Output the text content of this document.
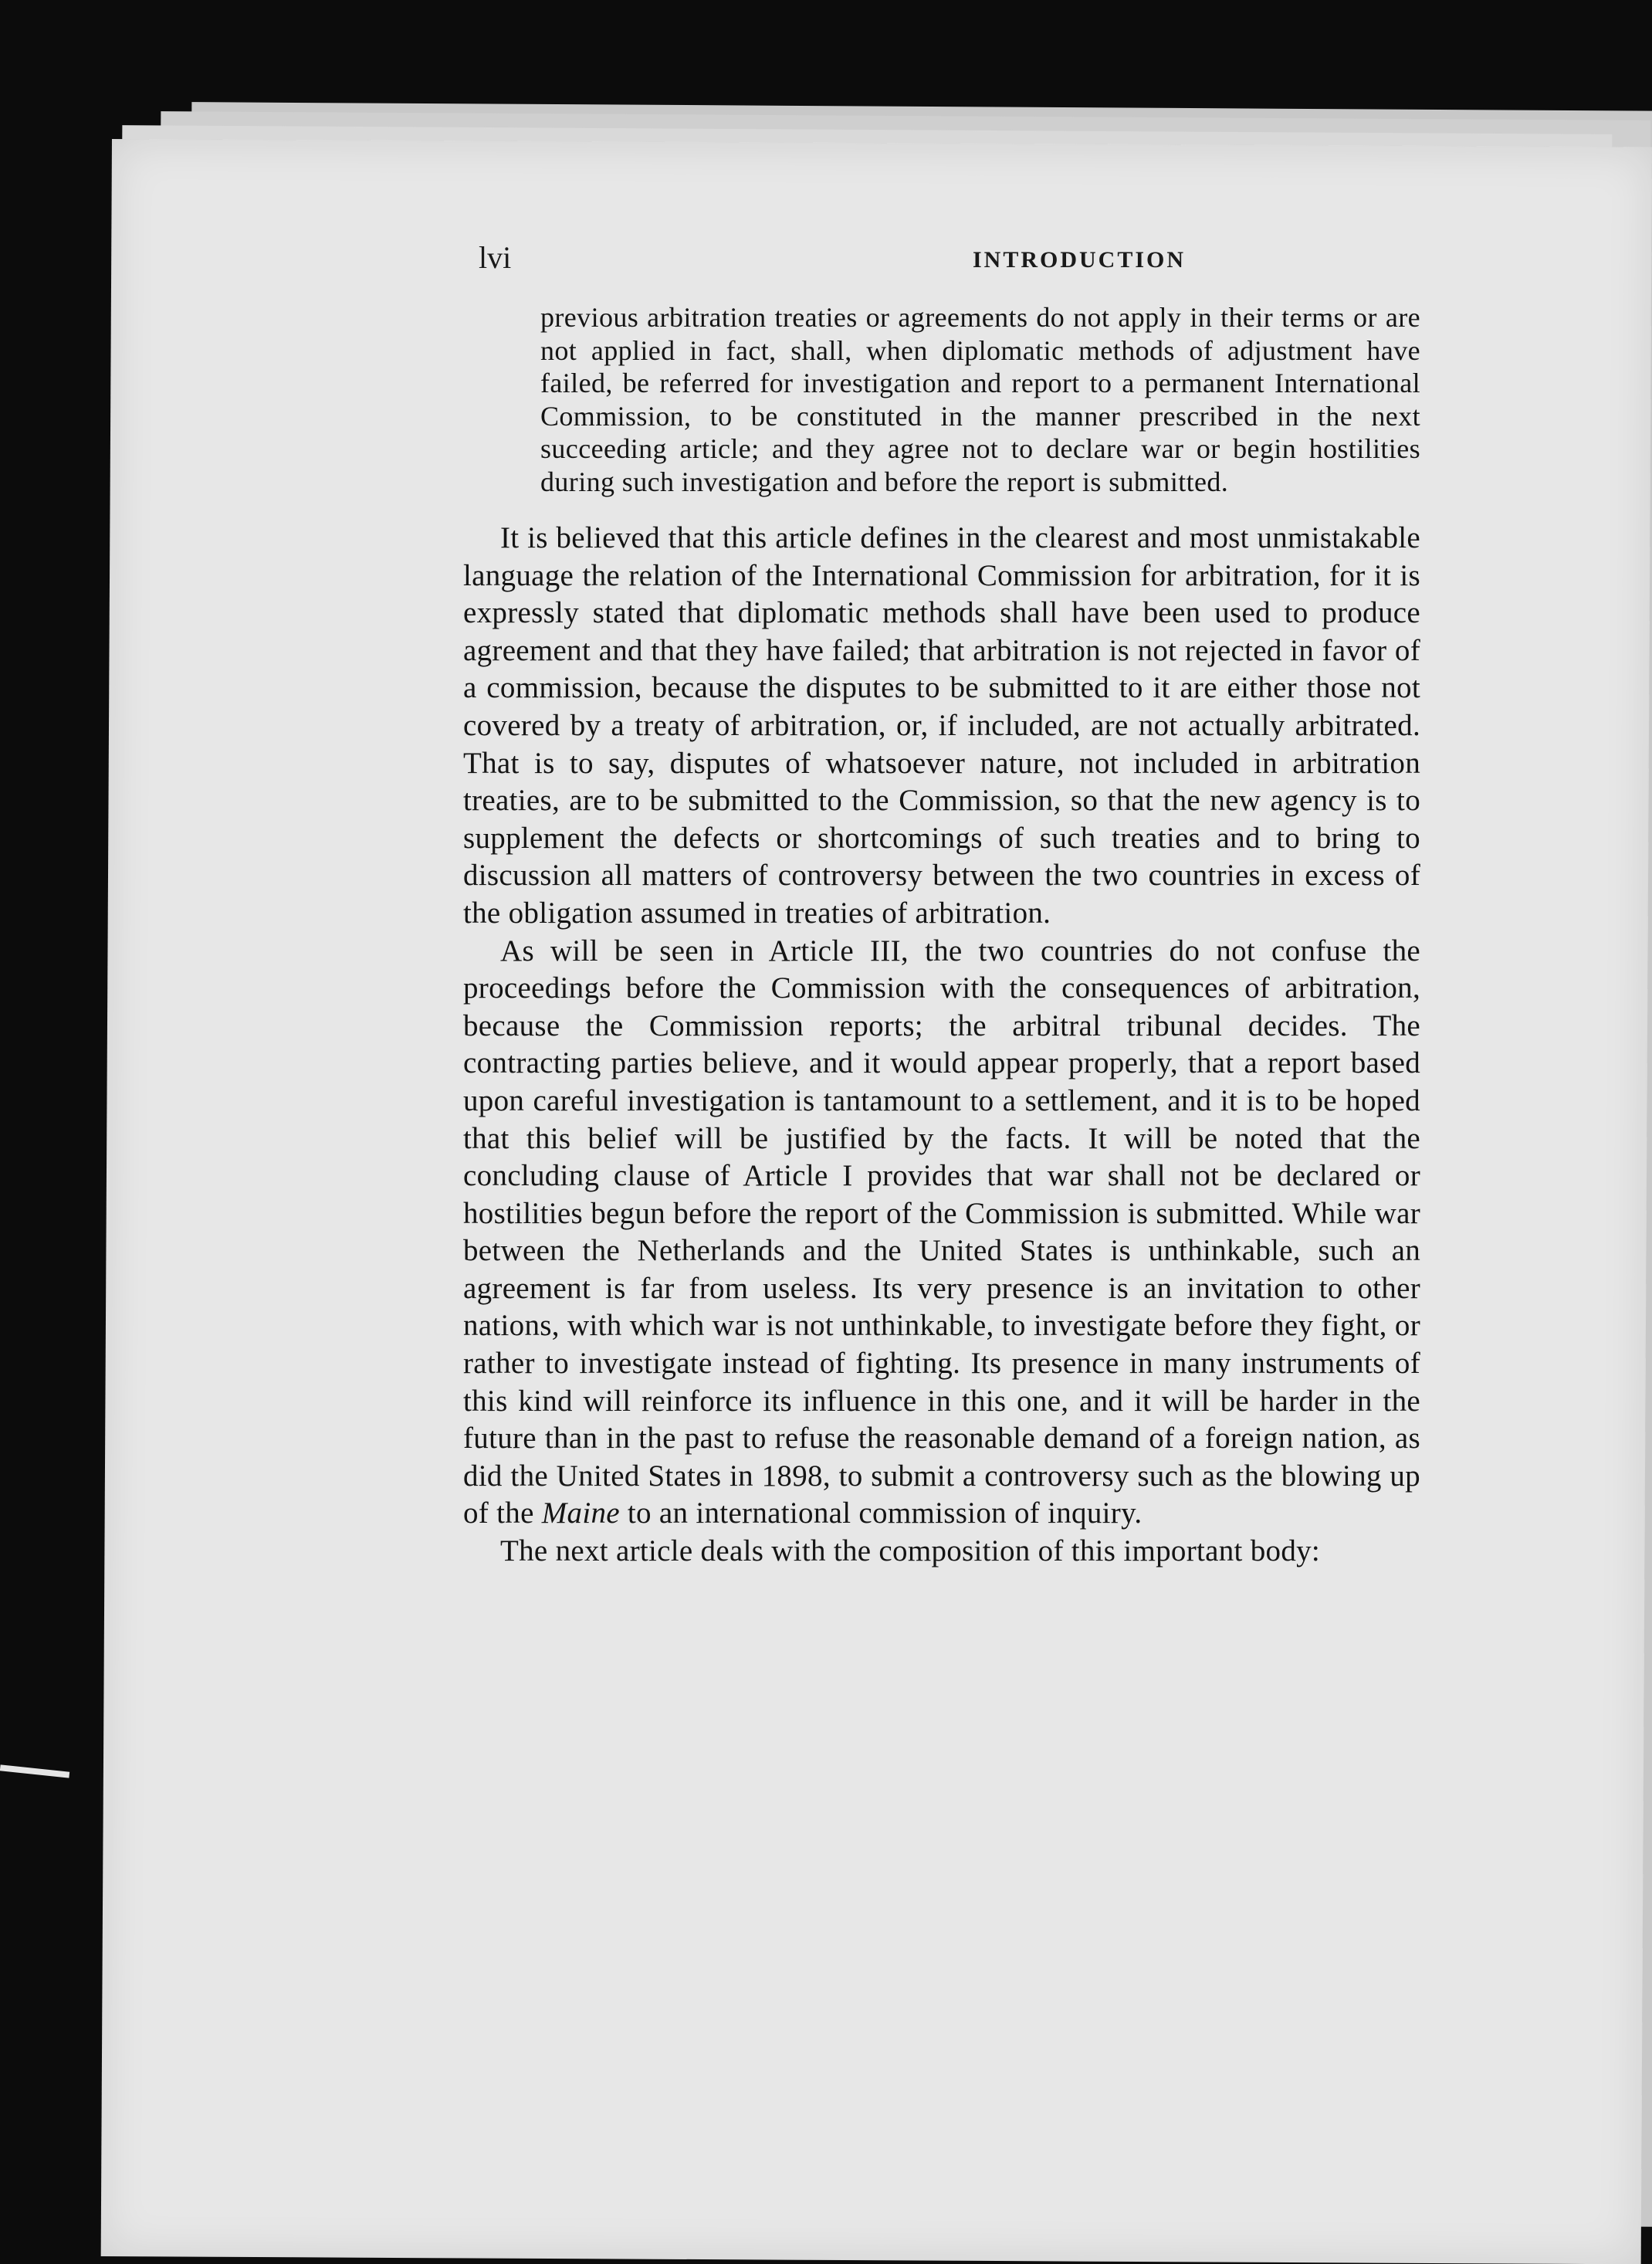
lvi	INTRODUCTION
previous arbitration treaties or agreements do not apply in their terms or are not applied in fact, shall, when diplomatic methods of adjustment have failed, be referred for investigation and report to a permanent International Commission, to be constituted in the manner prescribed in the next succeeding article; and they agree not to declare war or begin hostilities during such investigation and before the report is submitted.

It is believed that this article defines in the clearest and most unmistakable language the relation of the International Commission for arbitration, for it is expressly stated that diplomatic methods shall have been used to produce agreement and that they have failed; that arbitration is not rejected in favor of a commission, because the disputes to be submitted to it are either those not covered by a treaty of arbitration, or, if included, are not actually arbitrated. That is to say, disputes of whatsoever nature, not included in arbitration treaties, are to be submitted to the Commission, so that the new agency is to supplement the defects or shortcomings of such treaties and to bring to discussion all matters of controversy between the two countries in excess of the obligation assumed in treaties of arbitration.

As will be seen in Article III, the two countries do not confuse the proceedings before the Commission with the consequences of arbitration, because the Commission reports; the arbitral tribunal decides. The contracting parties believe, and it would appear properly, that a report based upon careful investigation is tantamount to a settlement, and it is to be hoped that this belief will be justified by the facts. It will be noted that the concluding clause of Article I provides that war shall not be declared or hostilities begun before the report of the Commission is submitted. While war between the Netherlands and the United States is unthinkable, such an agreement is far from useless. Its very presence is an invitation to other nations, with which war is not unthinkable, to investigate before they fight, or rather to investigate instead of fighting. Its presence in many instruments of this kind will reinforce its influence in this one, and it will be harder in the future than in the past to refuse the reasonable demand of a foreign nation, as did the United States in 1898, to submit a controversy such as the blowing up of the Maine to an international commission of inquiry.

The next article deals with the composition of this important body:
